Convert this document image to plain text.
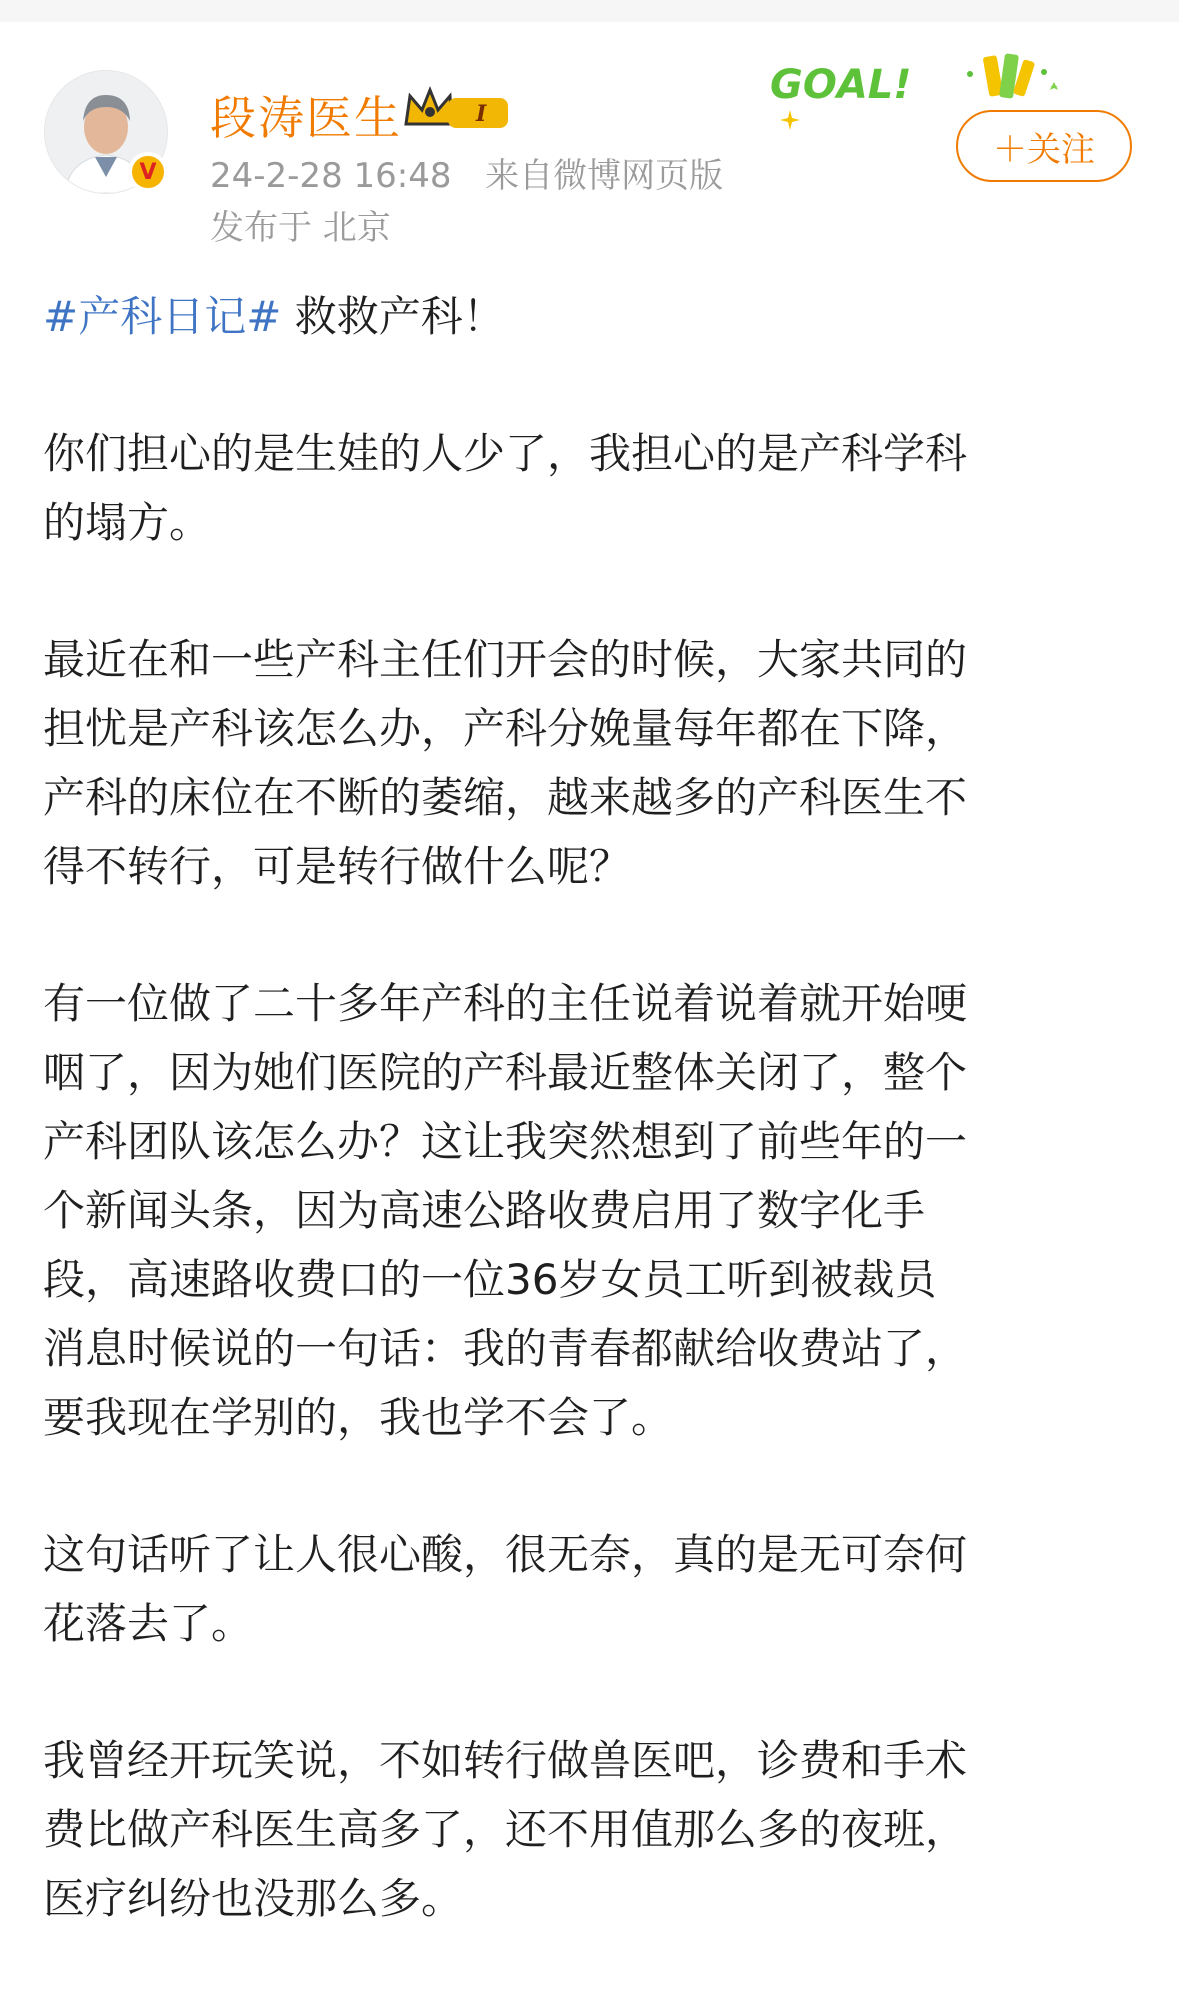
V
段涛医生	I
24-2-28 16:48 来自微博网页版
发布于 北京
GOAL!
＋关注

#产科日记# 救救产科！

你们担心的是生娃的人少了，我担心的是产科学科
的塌方。

最近在和一些产科主任们开会的时候，大家共同的
担忧是产科该怎么办，产科分娩量每年都在下降，
产科的床位在不断的萎缩，越来越多的产科医生不
得不转行，可是转行做什么呢？

有一位做了二十多年产科的主任说着说着就开始哽
咽了，因为她们医院的产科最近整体关闭了，整个
产科团队该怎么办？这让我突然想到了前些年的一
个新闻头条，因为高速公路收费启用了数字化手
段，高速路收费口的一位36岁女员工听到被裁员
消息时候说的一句话：我的青春都献给收费站了，
要我现在学别的，我也学不会了。

这句话听了让人很心酸，很无奈，真的是无可奈何
花落去了。

我曾经开玩笑说，不如转行做兽医吧，诊费和手术
费比做产科医生高多了，还不用值那么多的夜班，
医疗纠纷也没那么多。
